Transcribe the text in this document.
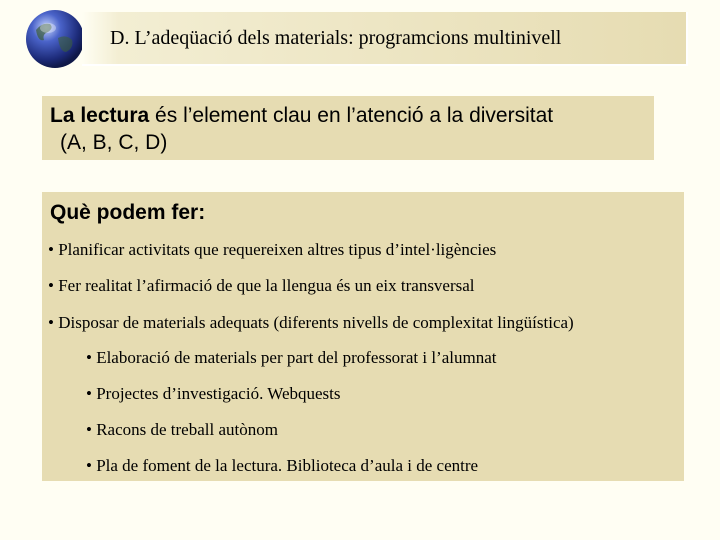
D. L’adeqüació dels materials: programcions multinivell
La lectura és l’element clau en l’atenció a la diversitat
(A, B, C, D)
Què podem fer:
• Planificar activitats que requereixen altres tipus d’intel·ligències
• Fer realitat l’afirmació de que la llengua és un eix transversal
• Disposar de materials adequats (diferents nivells de complexitat lingüística)
• Elaboració de materials per part del professorat i l’alumnat
• Projectes d’investigació. Webquests
• Racons de treball autònom
• Pla de foment de la lectura. Biblioteca d’aula i de centre
